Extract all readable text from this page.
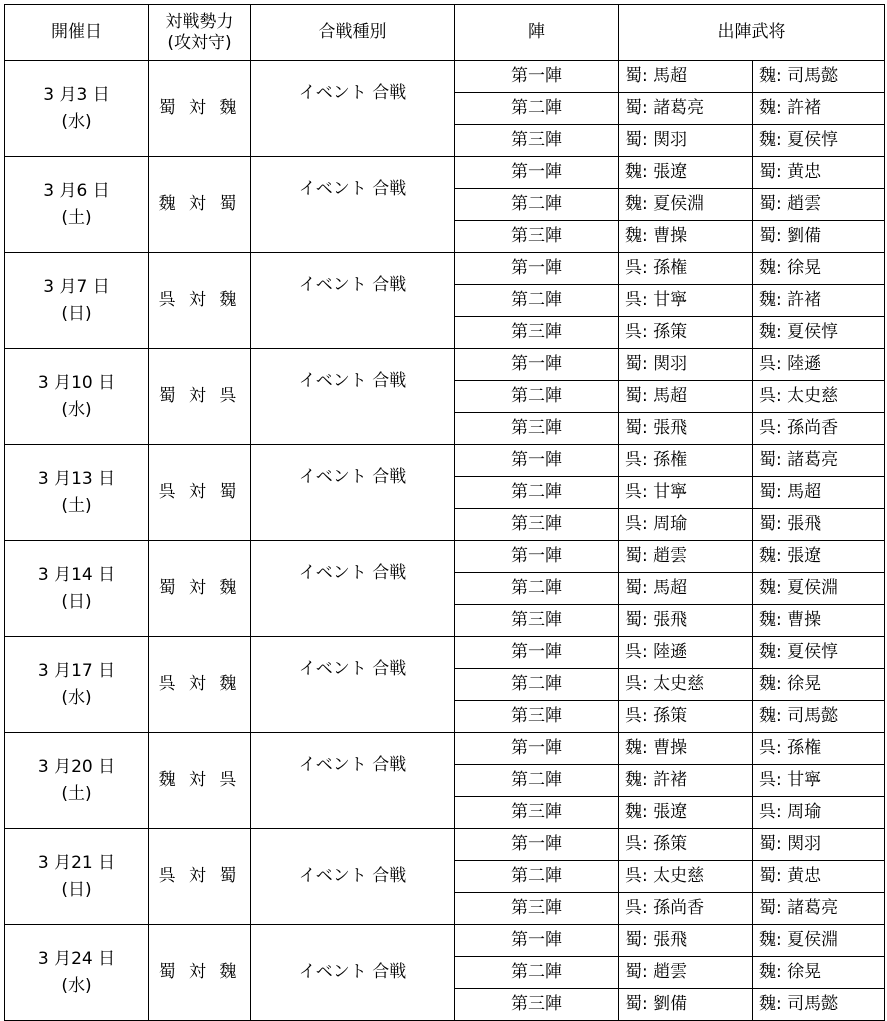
開催日	対戦勢力
(攻対守)	合戦種別	陣	出陣武将	

3 月3 日
(水)	蜀 対 魏	イベント 合戦	第一陣	蜀: 馬超	魏: 司馬懿
			第二陣	蜀: 諸葛亮	魏: 許褚
			第三陣	蜀: 関羽	魏: 夏侯惇

3 月6 日
(土)	魏 対 蜀	イベント 合戦	第一陣	魏: 張遼	蜀: 黄忠
			第二陣	魏: 夏侯淵	蜀: 趙雲
			第三陣	魏: 曹操	蜀: 劉備

3 月7 日
(日)	呉 対 魏	イベント 合戦	第一陣	呉: 孫権	魏: 徐晃
			第二陣	呉: 甘寧	魏: 許褚
			第三陣	呉: 孫策	魏: 夏侯惇

3 月10 日
(水)	蜀 対 呉	イベント 合戦	第一陣	蜀: 関羽	呉: 陸遜
			第二陣	蜀: 馬超	呉: 太史慈
			第三陣	蜀: 張飛	呉: 孫尚香

3 月13 日
(土)	呉 対 蜀	イベント 合戦	第一陣	呉: 孫権	蜀: 諸葛亮
			第二陣	呉: 甘寧	蜀: 馬超
			第三陣	呉: 周瑜	蜀: 張飛

3 月14 日
(日)	蜀 対 魏	イベント 合戦	第一陣	蜀: 趙雲	魏: 張遼
			第二陣	蜀: 馬超	魏: 夏侯淵
			第三陣	蜀: 張飛	魏: 曹操

3 月17 日
(水)	呉 対 魏	イベント 合戦	第一陣	呉: 陸遜	魏: 夏侯惇
			第二陣	呉: 太史慈	魏: 徐晃
			第三陣	呉: 孫策	魏: 司馬懿

3 月20 日
(土)	魏 対 呉	イベント 合戦	第一陣	魏: 曹操	呉: 孫権
			第二陣	魏: 許褚	呉: 甘寧
			第三陣	魏: 張遼	呉: 周瑜

3 月21 日
(日)	呉 対 蜀	イベント 合戦	第一陣	呉: 孫策	蜀: 関羽
			第二陣	呉: 太史慈	蜀: 黄忠
			第三陣	呉: 孫尚香	蜀: 諸葛亮

3 月24 日
(水)	蜀 対 魏	イベント 合戦	第一陣	蜀: 張飛	魏: 夏侯淵
			第二陣	蜀: 趙雲	魏: 徐晃
			第三陣	蜀: 劉備	魏: 司馬懿
